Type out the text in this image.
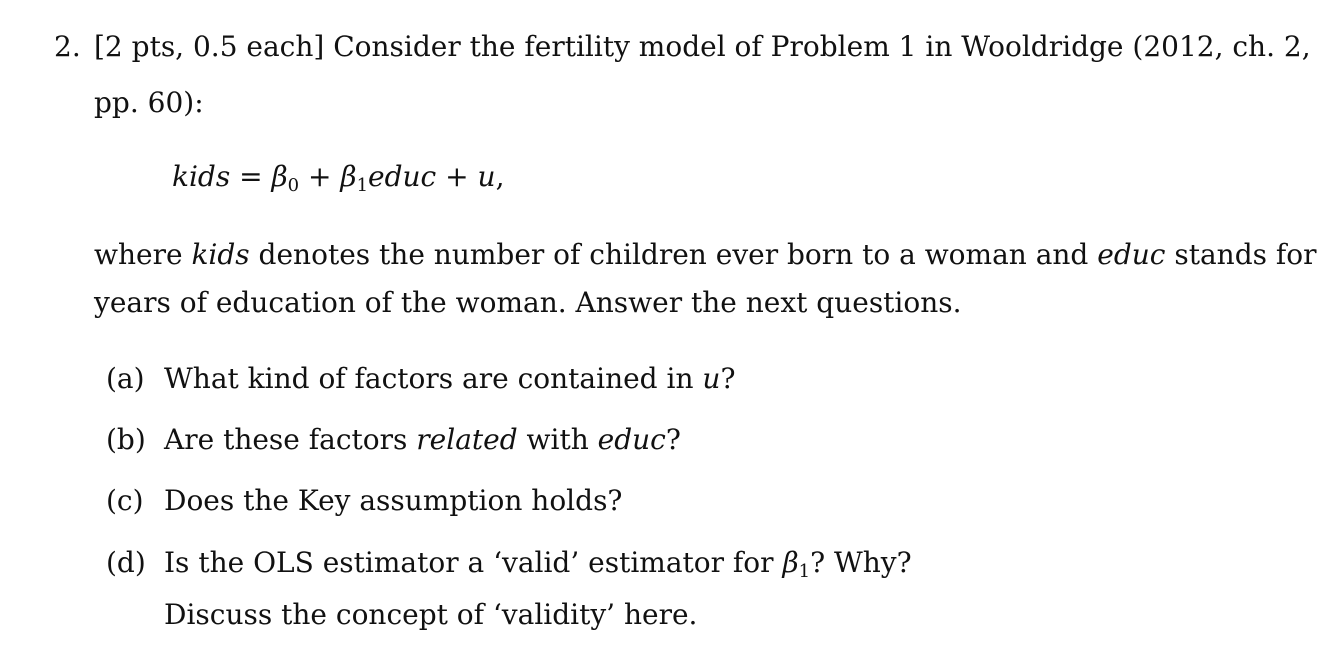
2. [2 pts, 0.5 each] Consider the fertility model of Problem 1 in Wooldridge (2012, ch. 2,
pp. 60):
kids = $\beta_0$ + $\beta_1educ + u$,
where kids denotes the number of children ever born to a woman and educ stands for
years of education of the woman. Answer the next questions.
(a) What kind of factors are contained in u?
(b) Are these factors related with educ?
(c) Does the Key assumption holds?
(d) Is the OLS estimator a ‘valid’ estimator for $\beta_1$? Why?
Discuss the concept of ‘validity’ here.
